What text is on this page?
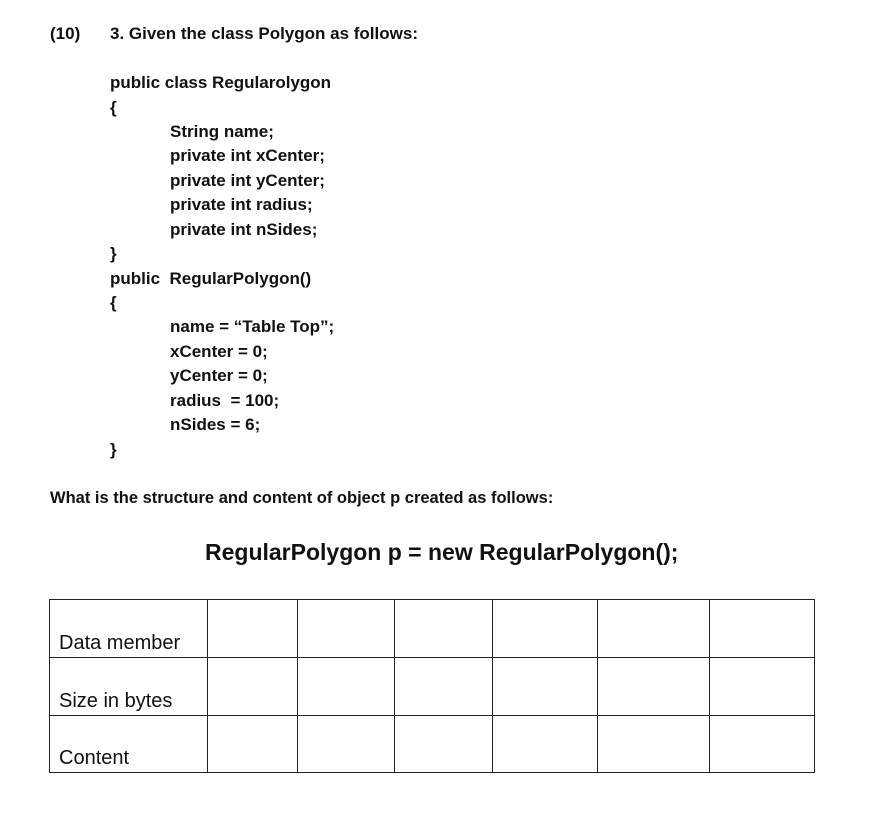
(10) 3. Given the class Polygon as follows:
public class Regularolygon
{
String name;
private int xCenter;
private int yCenter;
private int radius;
private int nSides;
}
public  RegularPolygon()
{
name = “Table Top”;
xCenter = 0;
yCenter = 0;
radius  = 100;
nSides = 6;
}
What is the structure and content of object p created as follows:
RegularPolygon p = new RegularPolygon();
Data member						
Size in bytes						
Content						
